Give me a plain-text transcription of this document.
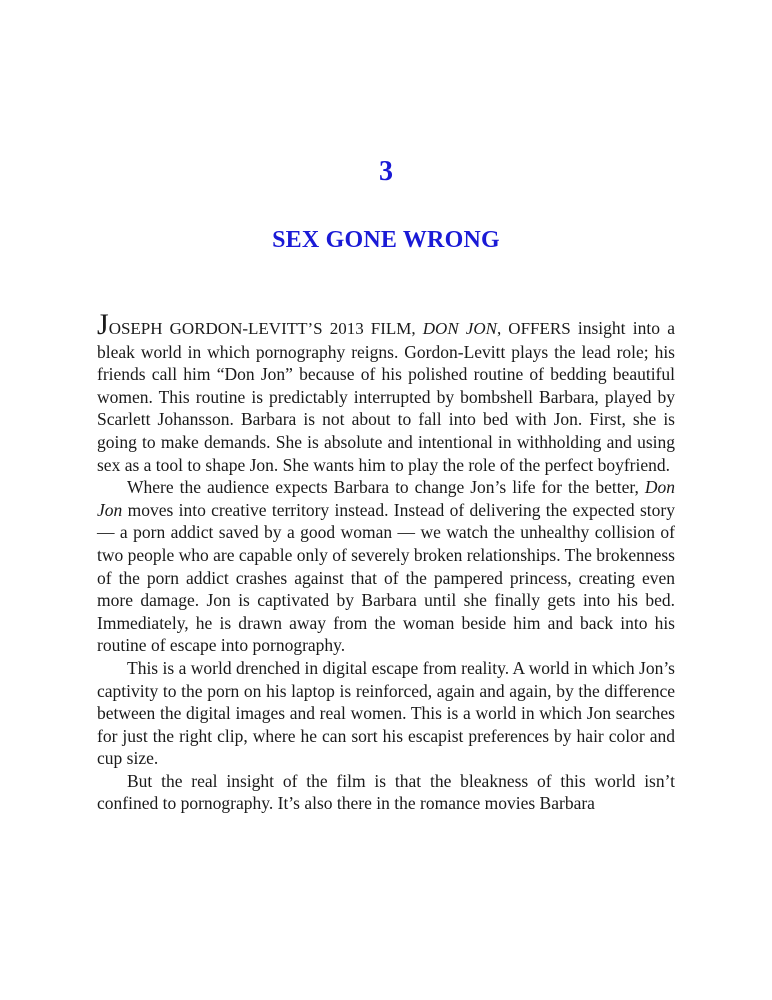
3
SEX GONE WRONG

JOSEPH GORDON-LEVITT’S 2013 FILM, DON JON, OFFERS insight into a bleak world in which pornography reigns. Gordon-Levitt plays the lead role; his friends call him “Don Jon” because of his polished routine of bedding beautiful women. This routine is predictably interrupted by bombshell Barbara, played by Scarlett Johansson. Barbara is not about to fall into bed with Jon. First, she is going to make demands. She is absolute and intentional in withholding and using sex as a tool to shape Jon. She wants him to play the role of the perfect boyfriend.

Where the audience expects Barbara to change Jon’s life for the better, Don Jon moves into creative territory instead. Instead of delivering the expected story — a porn addict saved by a good woman — we watch the unhealthy collision of two people who are capable only of severely broken relationships. The brokenness of the porn addict crashes against that of the pampered princess, creating even more damage. Jon is captivated by Barbara until she finally gets into his bed. Immediately, he is drawn away from the woman beside him and back into his routine of escape into pornography.

This is a world drenched in digital escape from reality. A world in which Jon’s captivity to the porn on his laptop is reinforced, again and again, by the difference between the digital images and real women. This is a world in which Jon searches for just the right clip, where he can sort his escapist preferences by hair color and cup size.

But the real insight of the film is that the bleakness of this world isn’t confined to pornography. It’s also there in the romance movies Barbara
